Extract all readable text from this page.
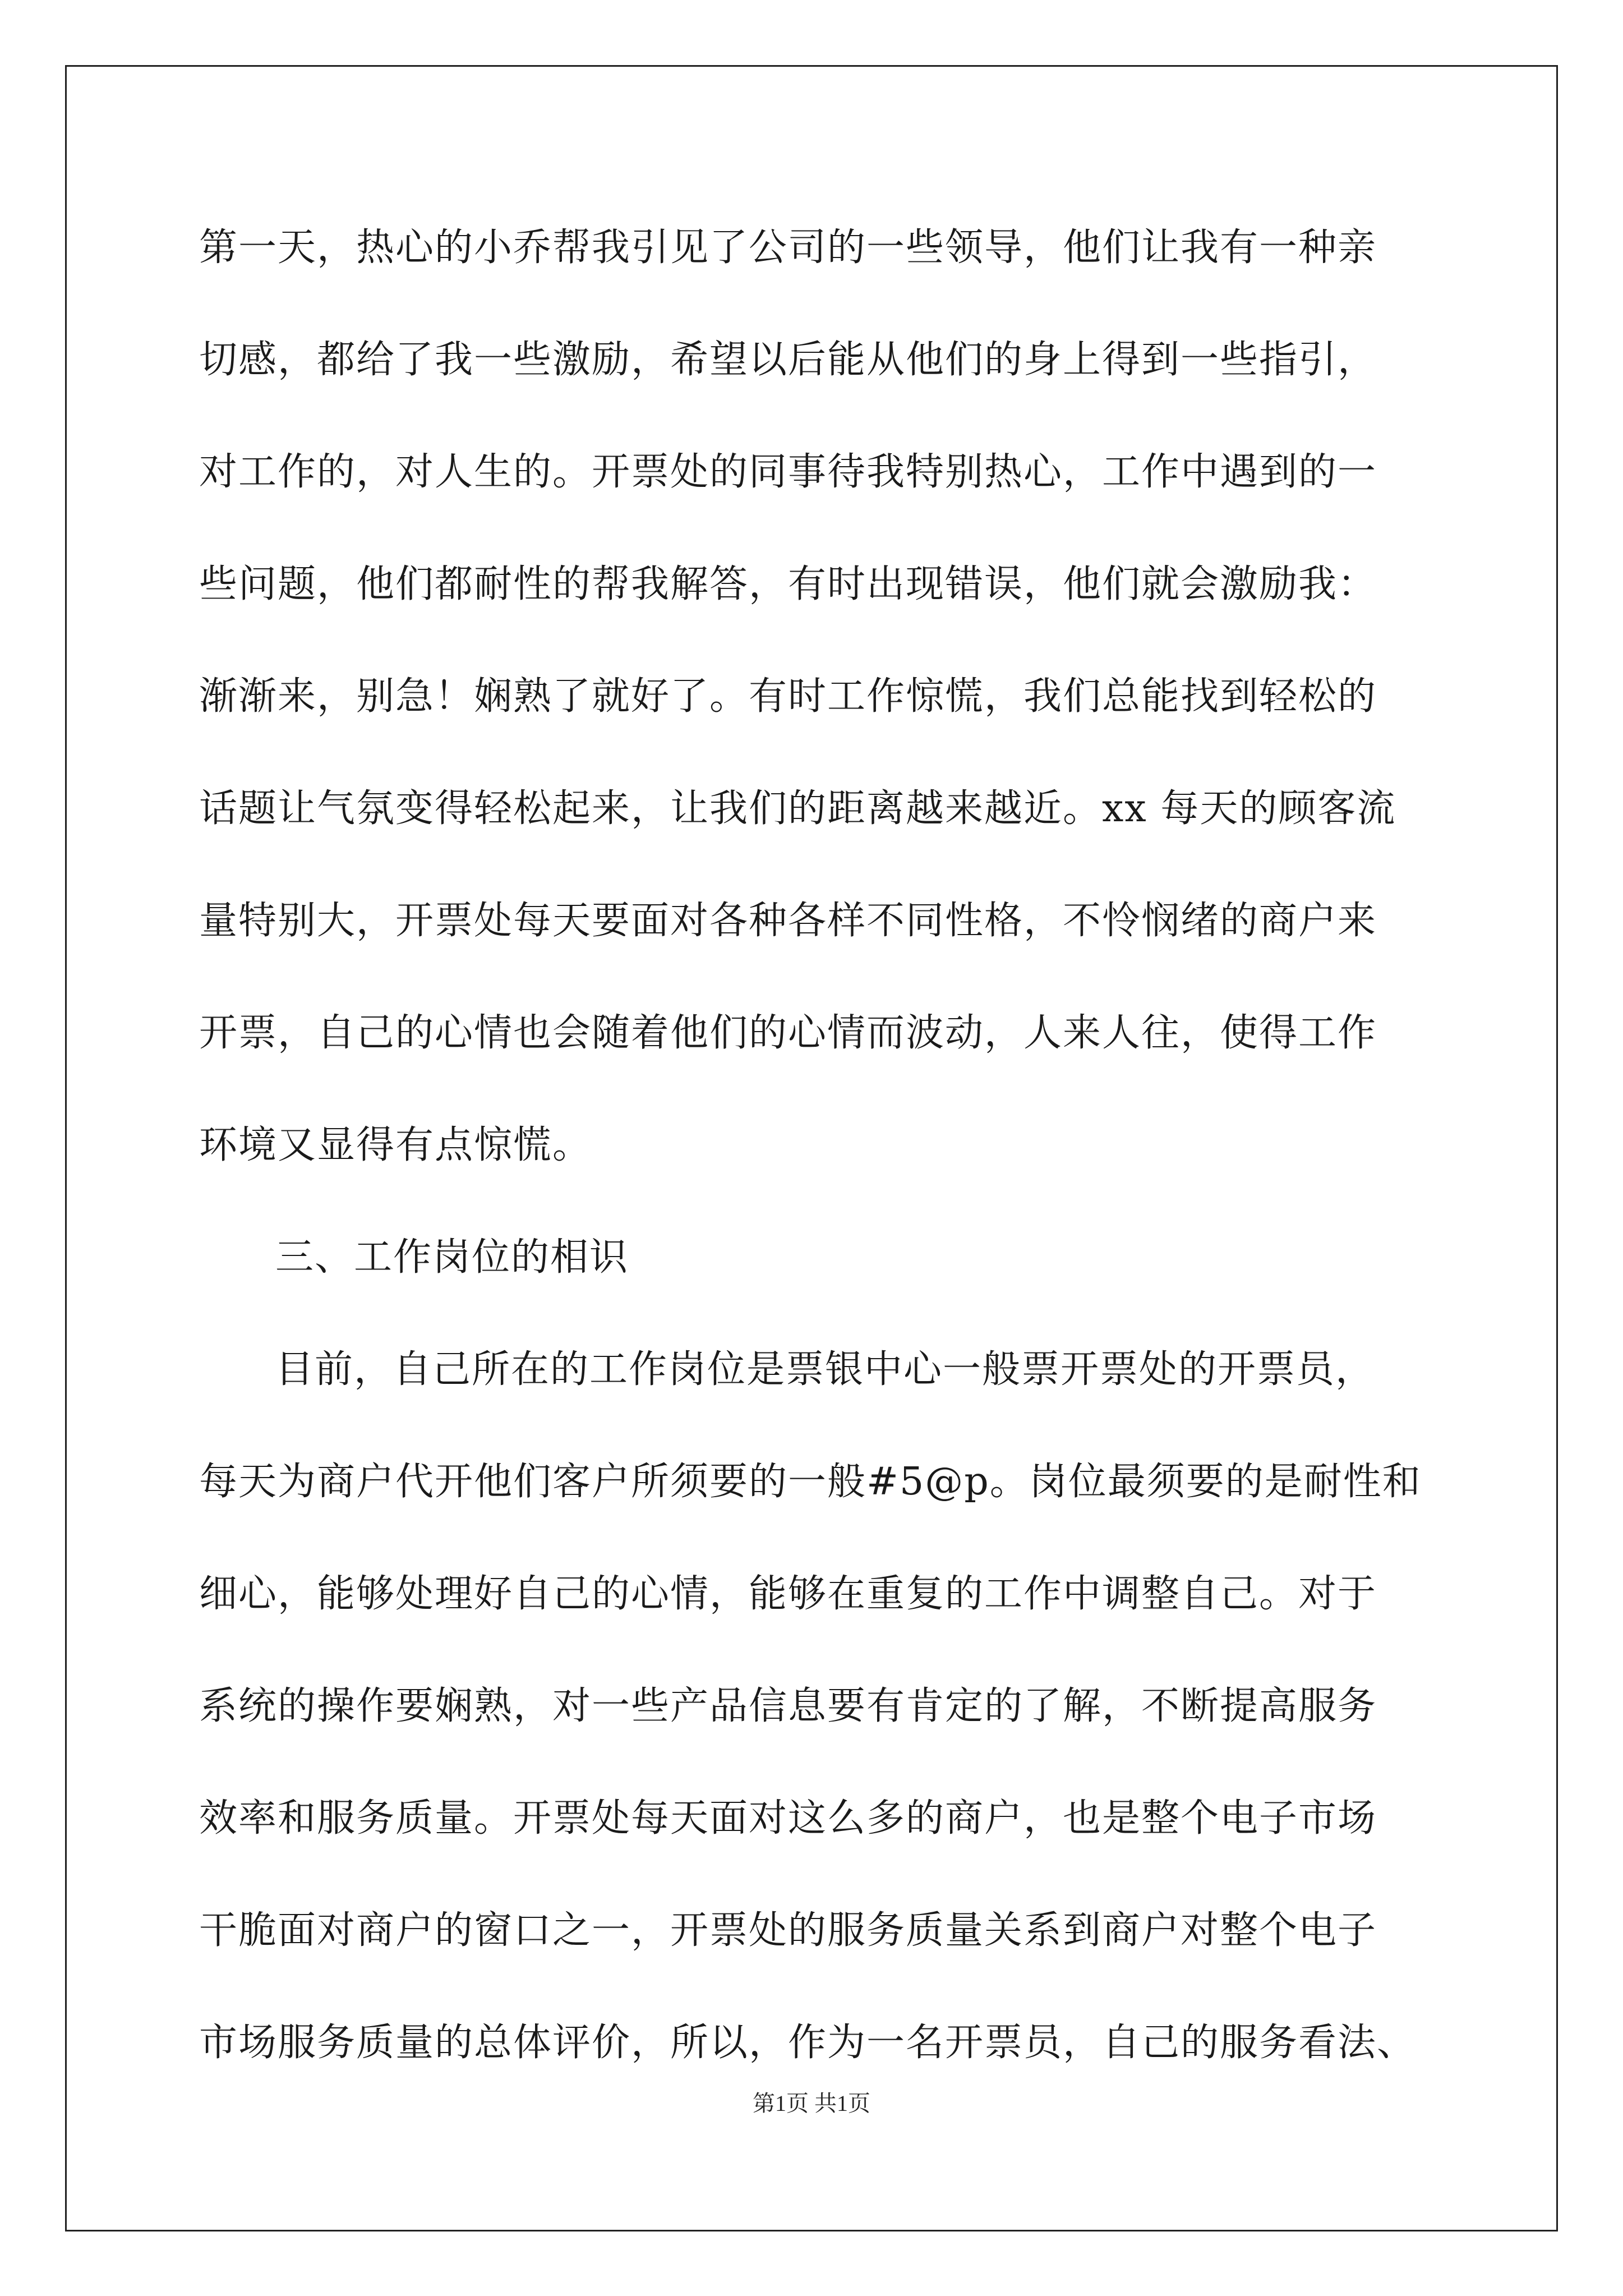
第一天，热心的小乔帮我引见了公司的一些领导，他们让我有一种亲
切感，都给了我一些激励，希望以后能从他们的身上得到一些指引，
对工作的，对人生的。开票处的同事待我特别热心，工作中遇到的一
些问题，他们都耐性的帮我解答，有时出现错误，他们就会激励我：
渐渐来，别急！娴熟了就好了。有时工作惊慌，我们总能找到轻松的
话题让气氛变得轻松起来，让我们的距离越来越近。xx 每天的顾客流
量特别大，开票处每天要面对各种各样不同性格，不怜悯绪的商户来
开票，自己的心情也会随着他们的心情而波动，人来人往，使得工作
环境又显得有点惊慌。
三、工作岗位的相识
目前，自己所在的工作岗位是票银中心一般票开票处的开票员，
每天为商户代开他们客户所须要的一般#5@p。岗位最须要的是耐性和
细心，能够处理好自己的心情，能够在重复的工作中调整自己。对于
系统的操作要娴熟，对一些产品信息要有肯定的了解，不断提高服务
效率和服务质量。开票处每天面对这么多的商户，也是整个电子市场
干脆面对商户的窗口之一，开票处的服务质量关系到商户对整个电子
市场服务质量的总体评价，所以，作为一名开票员，自己的服务看法、
第1页 共1页
